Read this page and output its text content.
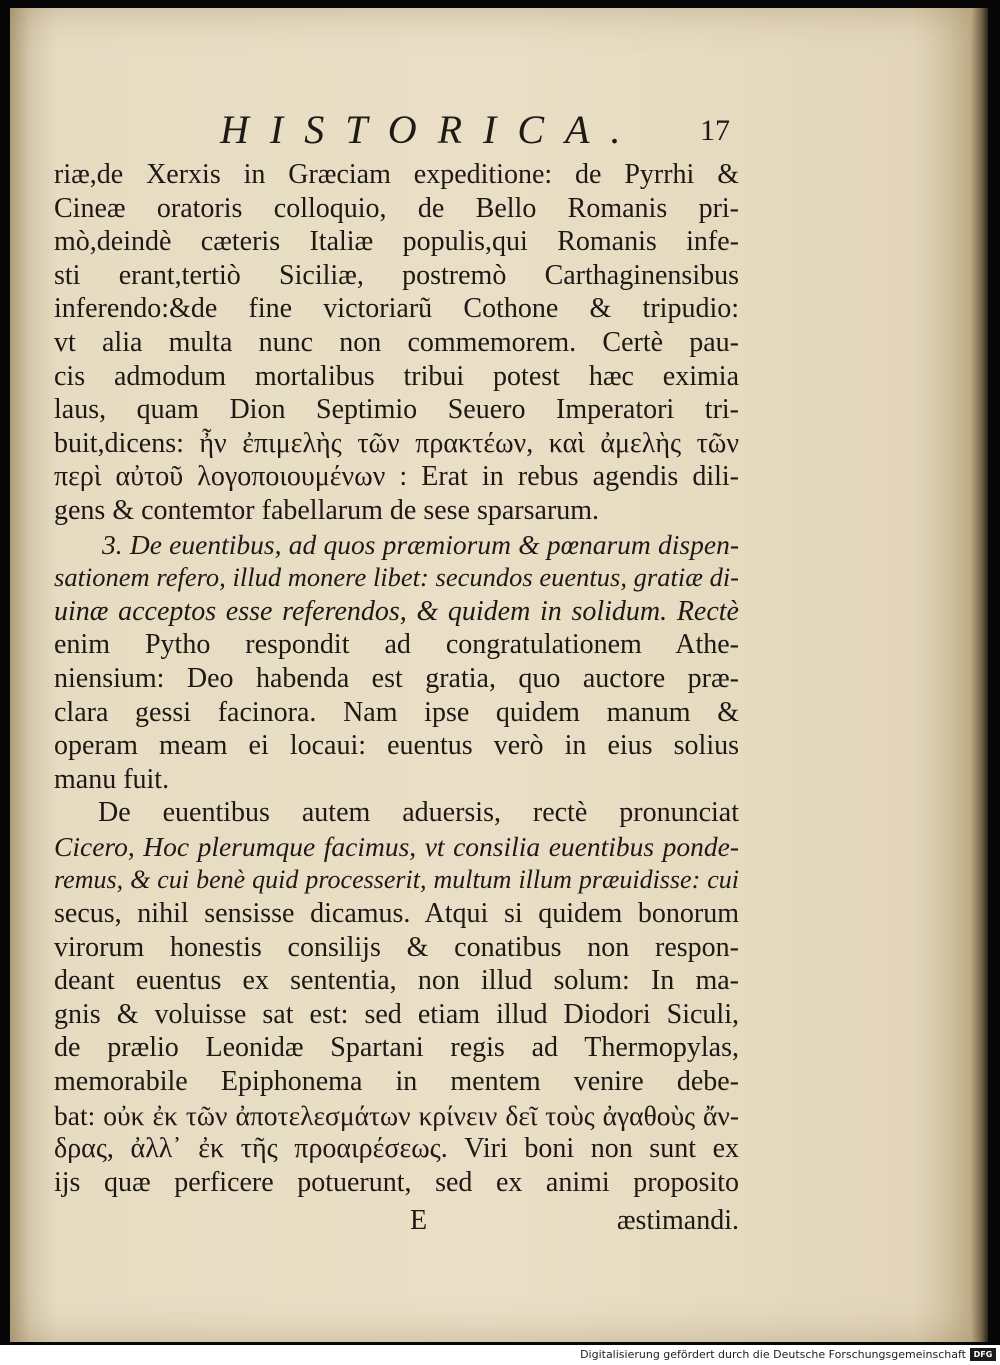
HISTORICA. 17
riæ,de Xerxis in Græciam expeditione: de Pyrrhi &
Cineæ oratoris colloquio, de Bello Romanis pri-
mò,deindè cæteris Italiæ populis,qui Romanis infe-
sti erant,tertiò Siciliæ, postremò Carthaginensibus
inferendo:&de fine victoriarũ Cothone & tripudio:
vt alia multa nunc non commemorem. Certè pau-
cis admodum mortalibus tribui potest hæc eximia
laus, quam Dion Septimio Seuero Imperatori tri-
buit,dicens: ἦν ἐπιμελὴς τῶν πρακτέων, καὶ ἀμελὴς τῶν
περὶ αὐτοῦ λογοποιουμένων : Erat in rebus agendis dili-
gens & contemtor fabellarum de sese sparsarum.
3. De euentibus, ad quos præmiorum & pœnarum dispen-
sationem refero, illud monere libet: secundos euentus, gratiæ di-
uinæ acceptos esse referendos, & quidem in solidum. Rectè
enim Pytho respondit ad congratulationem Athe-
niensium: Deo habenda est gratia, quo auctore præ-
clara gessi facinora. Nam ipse quidem manum &
operam meam ei locaui: euentus verò in eius solius
manu fuit.
De euentibus autem aduersis, rectè pronunciat
Cicero, Hoc plerumque facimus, vt consilia euentibus ponde-
remus, & cui benè quid processerit, multum illum præuidisse: cui
secus, nihil sensisse dicamus. Atqui si quidem bonorum
virorum honestis consilijs & conatibus non respon-
deant euentus ex sententia, non illud solum: In ma-
gnis & voluisse sat est: sed etiam illud Diodori Siculi,
de prælio Leonidæ Spartani regis ad Thermopylas,
memorabile Epiphonema in mentem venire debe-
bat: οὐκ ἐκ τῶν ἀποτελεσμάτων κρίνειν δεῖ τοὺς ἀγαθοὺς ἄν-
δρας, ἀλλ᾽ ἐκ τῆς προαιρέσεως. Viri boni non sunt ex
ijs quæ perficere potuerunt, sed ex animi proposito
E	æstimandi.
Digitalisierung gefördert durch die Deutsche Forschungsgemeinschaft DFG
